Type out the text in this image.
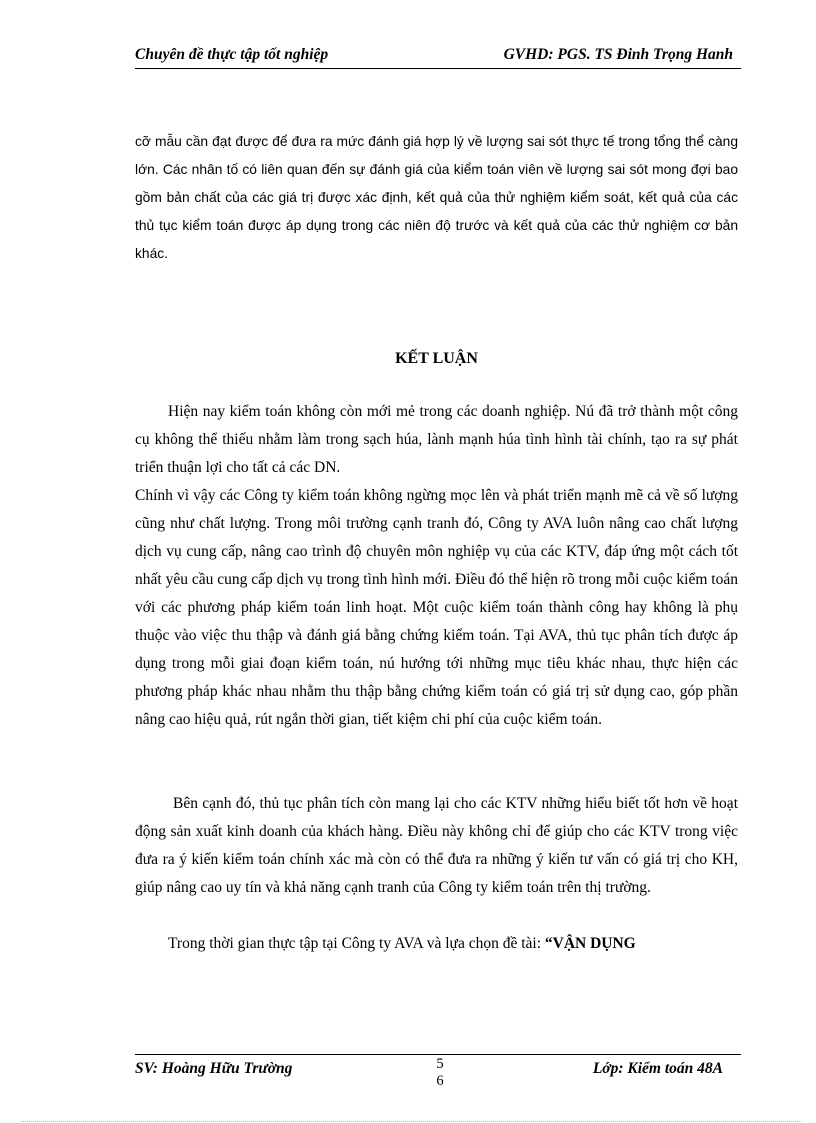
Chuyên đề thực tập tốt nghiệp	GVHD: PGS. TS Đinh Trọng Hanh
cỡ mẫu cần đạt được để đưa ra mức đánh giá hợp lý về lượng sai sót thực tế trong tổng thể càng lớn. Các nhân tố có liên quan đến sự đánh giá của kiểm toán viên về lượng sai sót mong đợi bao gồm bản chất của các giá trị được xác định, kết quả của thử nghiệm kiểm soát, kết quả của các thủ tục kiểm toán được áp dụng trong các niên độ trước và kết quả của các thử nghiệm cơ bản khác.
KẾT LUẬN
Hiện nay kiểm toán không còn mới mẻ trong các doanh nghiệp. Nú đã trở thành một công cụ không thể thiếu nhằm làm trong sạch húa, lành mạnh húa tình hình tài chính, tạo ra sự phát triển thuận lợi cho tất cả các DN.
Chính vì vậy các Công ty kiểm toán không ngừng mọc lên và phát triển mạnh mẽ cả về số lượng cũng như chất lượng. Trong môi trường cạnh tranh đó, Công ty AVA luôn nâng cao chất lượng dịch vụ cung cấp, nâng cao trình độ chuyên môn nghiệp vụ của các KTV, đáp ứng một cách tốt nhất yêu cầu cung cấp dịch vụ trong tình hình mới. Điều đó thể hiện rõ trong mỗi cuộc kiểm toán với các phương pháp kiểm toán linh hoạt. Một cuộc kiểm toán thành công hay không là phụ thuộc vào việc thu thập và đánh giá bằng chứng kiểm toán. Tại AVA, thủ tục phân tích được áp dụng trong mỗi giai đoạn kiểm toán, nú hướng tới những mục tiêu khác nhau, thực hiện các phương pháp khác nhau nhằm thu thập bằng chứng kiểm toán có giá trị sử dụng cao, góp phần nâng cao hiệu quả, rút ngắn thời gian, tiết kiệm chi phí của cuộc kiểm toán.
Bên cạnh đó, thủ tục phân tích còn mang lại cho các KTV những hiểu biết tốt hơn về hoạt động sản xuất kinh doanh của khách hàng. Điều này không chỉ để giúp cho các KTV trong việc đưa ra ý kiến kiểm toán chính xác mà còn có thể đưa ra những ý kiến tư vấn có giá trị cho KH, giúp nâng cao uy tín và khả năng cạnh tranh của Công ty kiểm toán trên thị trường.
Trong thời gian thực tập tại Công ty AVA và lựa chọn đề tài: “VẬN DỤNG
SV: Hoàng Hữu Trường	5
6
Lớp: Kiểm toán 48A
